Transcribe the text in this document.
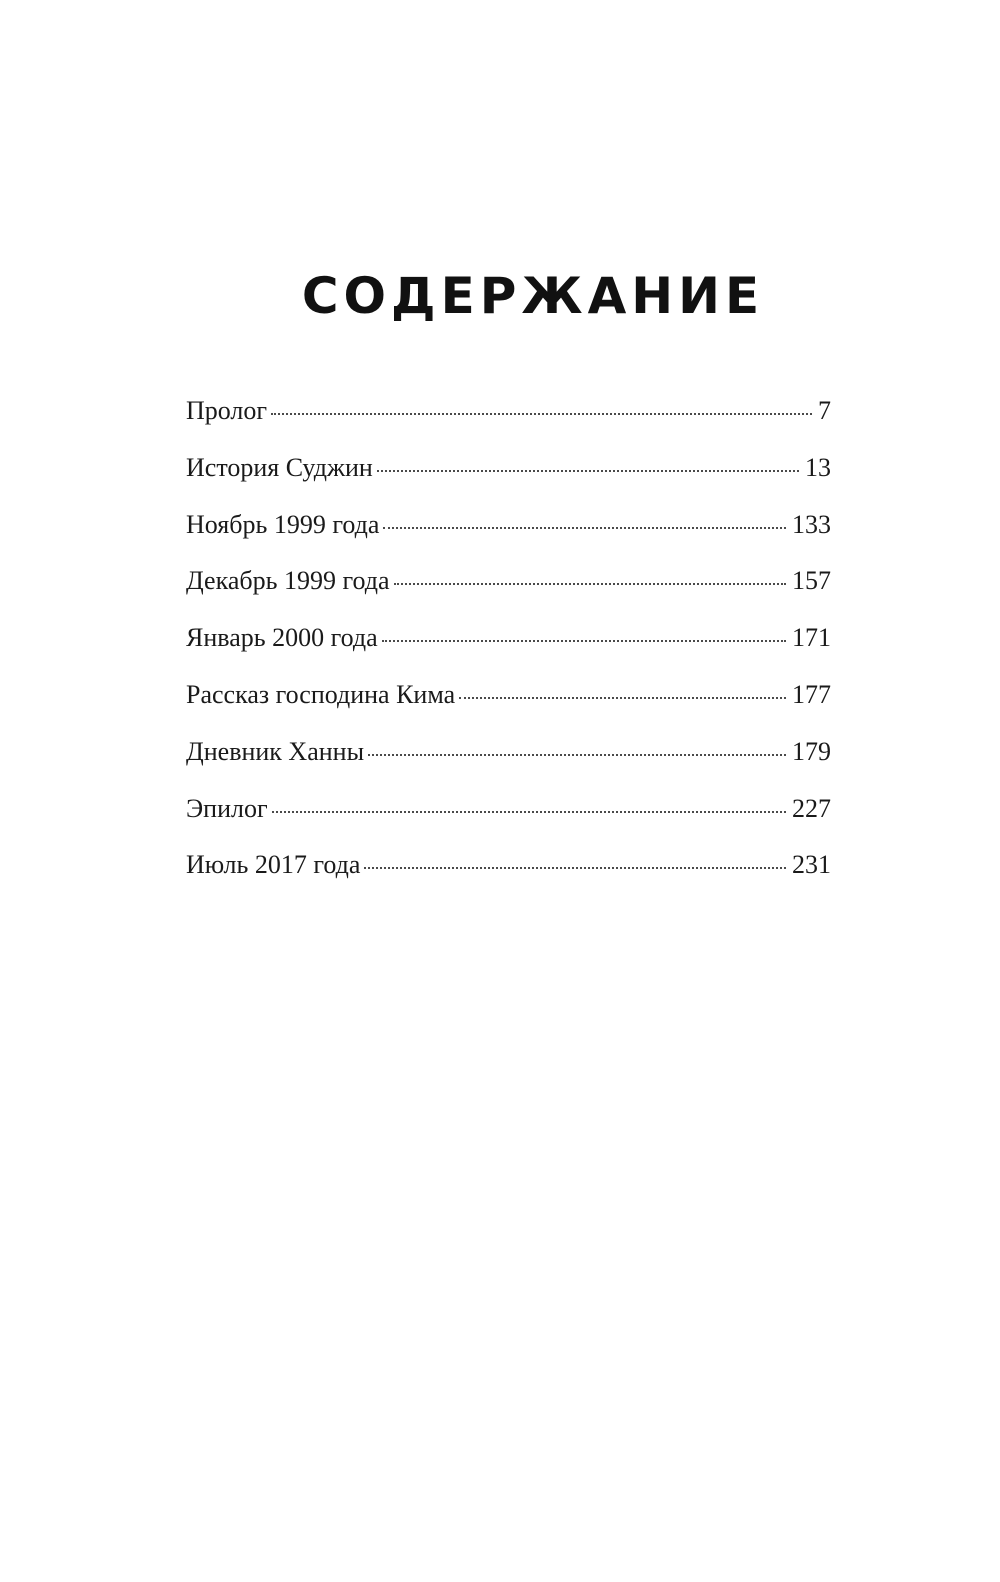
СОДЕРЖАНИЕ
Пролог	7
История Суджин	13
Ноябрь 1999 года	133
Декабрь 1999 года	157
Январь 2000 года	171
Рассказ господина Кима	177
Дневник Ханны	179
Эпилог	227
Июль 2017 года	231
